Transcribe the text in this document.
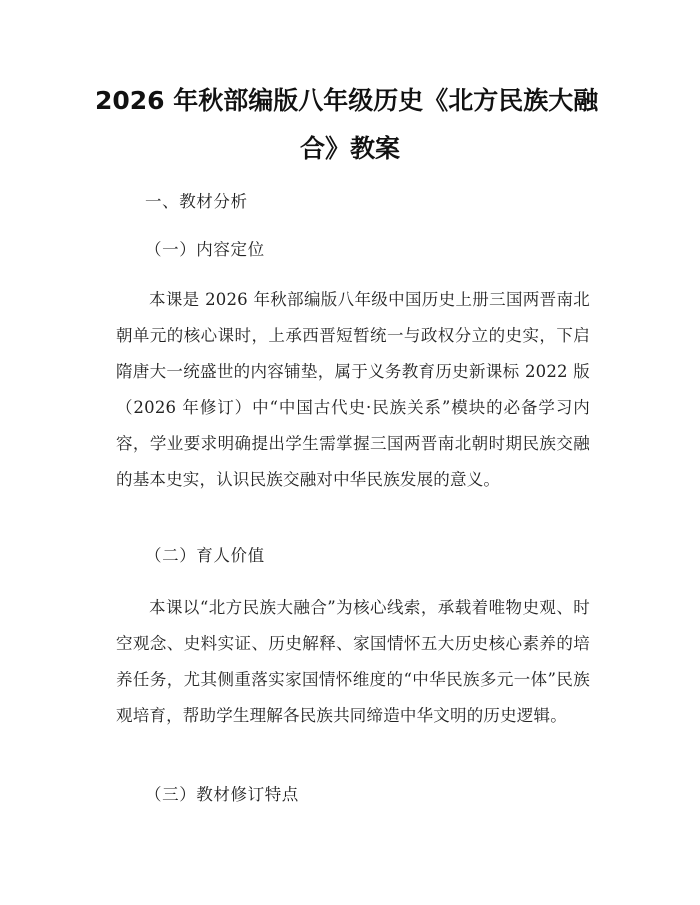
2026 年秋部编版八年级历史《北方民族大融
合》教案
一、教材分析
（一）内容定位
本课是 2026 年秋部编版八年级中国历史上册三国两晋南北朝单元的核心课时，上承西晋短暂统一与政权分立的史实，下启隋唐大一统盛世的内容铺垫，属于义务教育历史新课标 2022 版（2026 年修订）中“中国古代史·民族关系”模块的必备学习内容，学业要求明确提出学生需掌握三国两晋南北朝时期民族交融的基本史实，认识民族交融对中华民族发展的意义。
（二）育人价值
本课以“北方民族大融合”为核心线索，承载着唯物史观、时空观念、史料实证、历史解释、家国情怀五大历史核心素养的培养任务，尤其侧重落实家国情怀维度的“中华民族多元一体”民族观培育，帮助学生理解各民族共同缔造中华文明的历史逻辑。
（三）教材修订特点
